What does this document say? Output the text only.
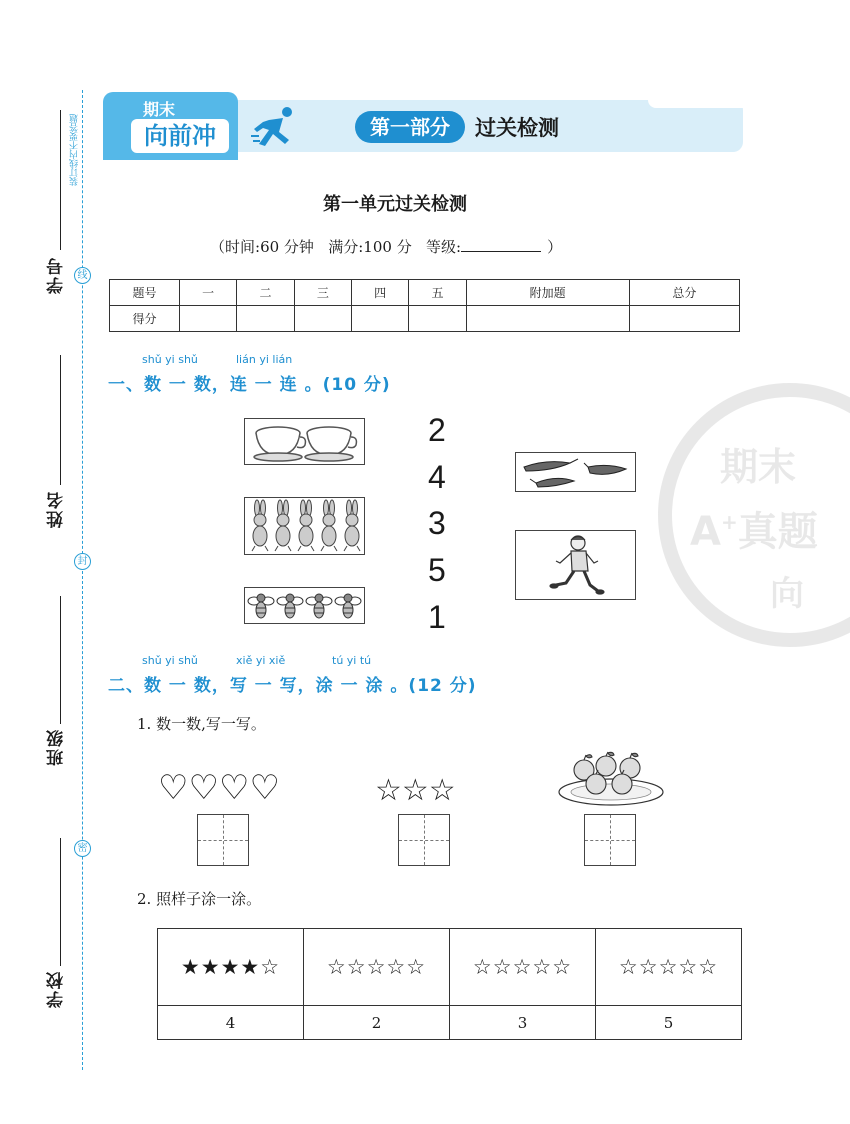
装订线内不要答题
学号	线
姓名
封
班级
密
学校
期末
向前冲	第一部分	过关检测
第一单元过关检测
（时间:60 分钟 满分:100 分 等级:	）
题号	一	二	三	四	五	附加题	总分
得分							
shǔ yi shǔ	lián yi lián
一、数 一 数，连 一 连 。(10 分)
2
4
3
5
1
shǔ yi shǔ	xiě yi xiě	tú yi tú
二、数 一 数，写 一 写，涂 一 涂 。(12 分)
1. 数一数,写一写。
♡♡♡♡	☆☆☆
2. 照样子涂一涂。
★★★★☆	☆☆☆☆☆	☆☆☆☆☆	☆☆☆☆☆
4	2	3	5
期末
A+真题
向
